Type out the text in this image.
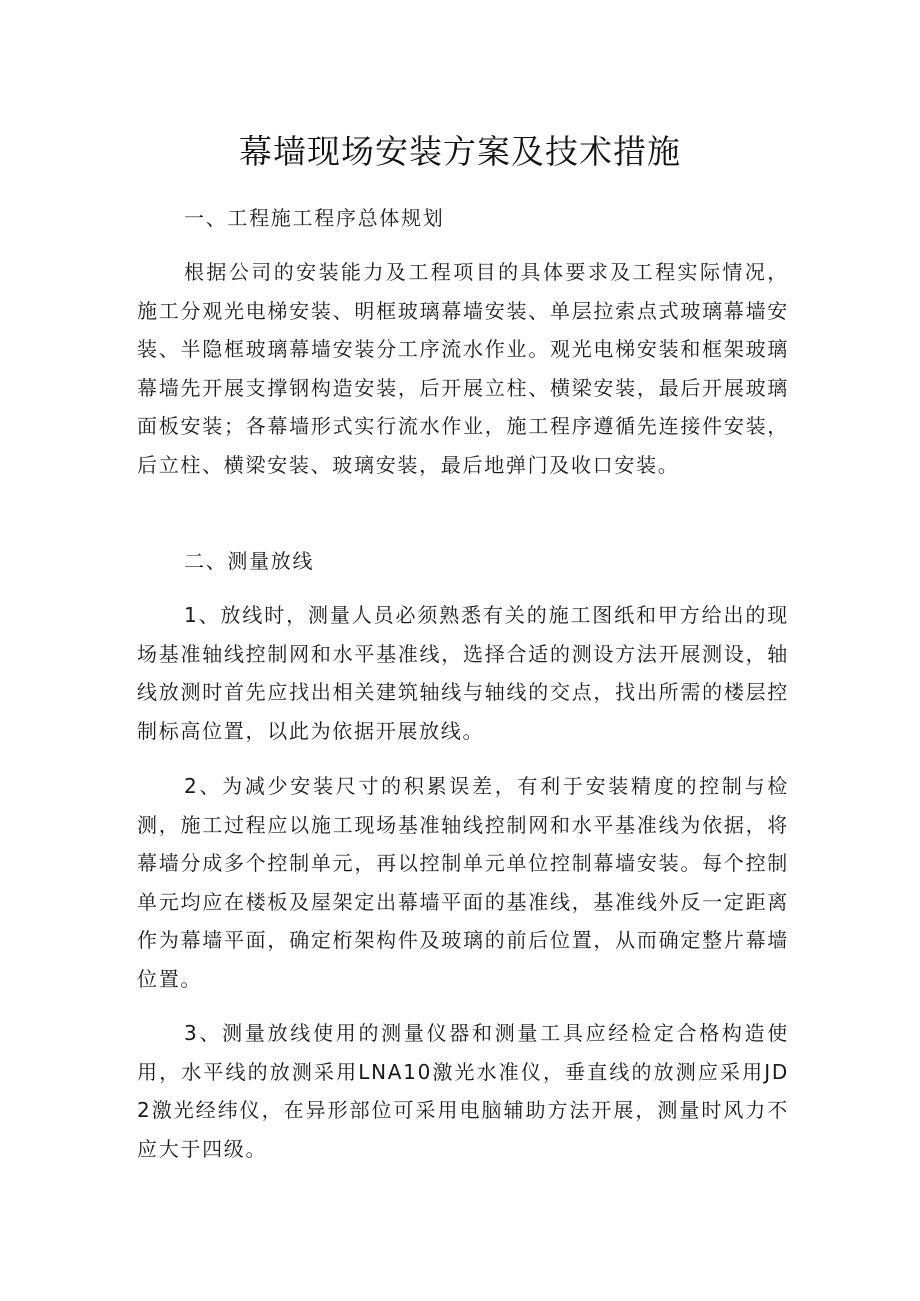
幕墙现场安装方案及技术措施

一、工程施工程序总体规划

根据公司的安装能力及工程项目的具体要求及工程实际情况，施工分观光电梯安装、明框玻璃幕墙安装、单层拉索点式玻璃幕墙安装、半隐框玻璃幕墙安装分工序流水作业。观光电梯安装和框架玻璃幕墙先开展支撑钢构造安装，后开展立柱、横梁安装，最后开展玻璃面板安装；各幕墙形式实行流水作业，施工程序遵循先连接件安装，后立柱、横梁安装、玻璃安装，最后地弹门及收口安装。

二、测量放线

1、放线时，测量人员必须熟悉有关的施工图纸和甲方给出的现场基准轴线控制网和水平基准线，选择合适的测设方法开展测设，轴线放测时首先应找出相关建筑轴线与轴线的交点，找出所需的楼层控制标高位置，以此为依据开展放线。

2、为减少安装尺寸的积累误差，有利于安装精度的控制与检测，施工过程应以施工现场基准轴线控制网和水平基准线为依据，将幕墙分成多个控制单元，再以控制单元单位控制幕墙安装。每个控制单元均应在楼板及屋架定出幕墙平面的基准线，基准线外反一定距离作为幕墙平面，确定桁架构件及玻璃的前后位置，从而确定整片幕墙位置。

3、测量放线使用的测量仪器和测量工具应经检定合格构造使用，水平线的放测采用LNA10激光水准仪，垂直线的放测应采用JD2激光经纬仪，在异形部位可采用电脑辅助方法开展，测量时风力不应大于四级。
